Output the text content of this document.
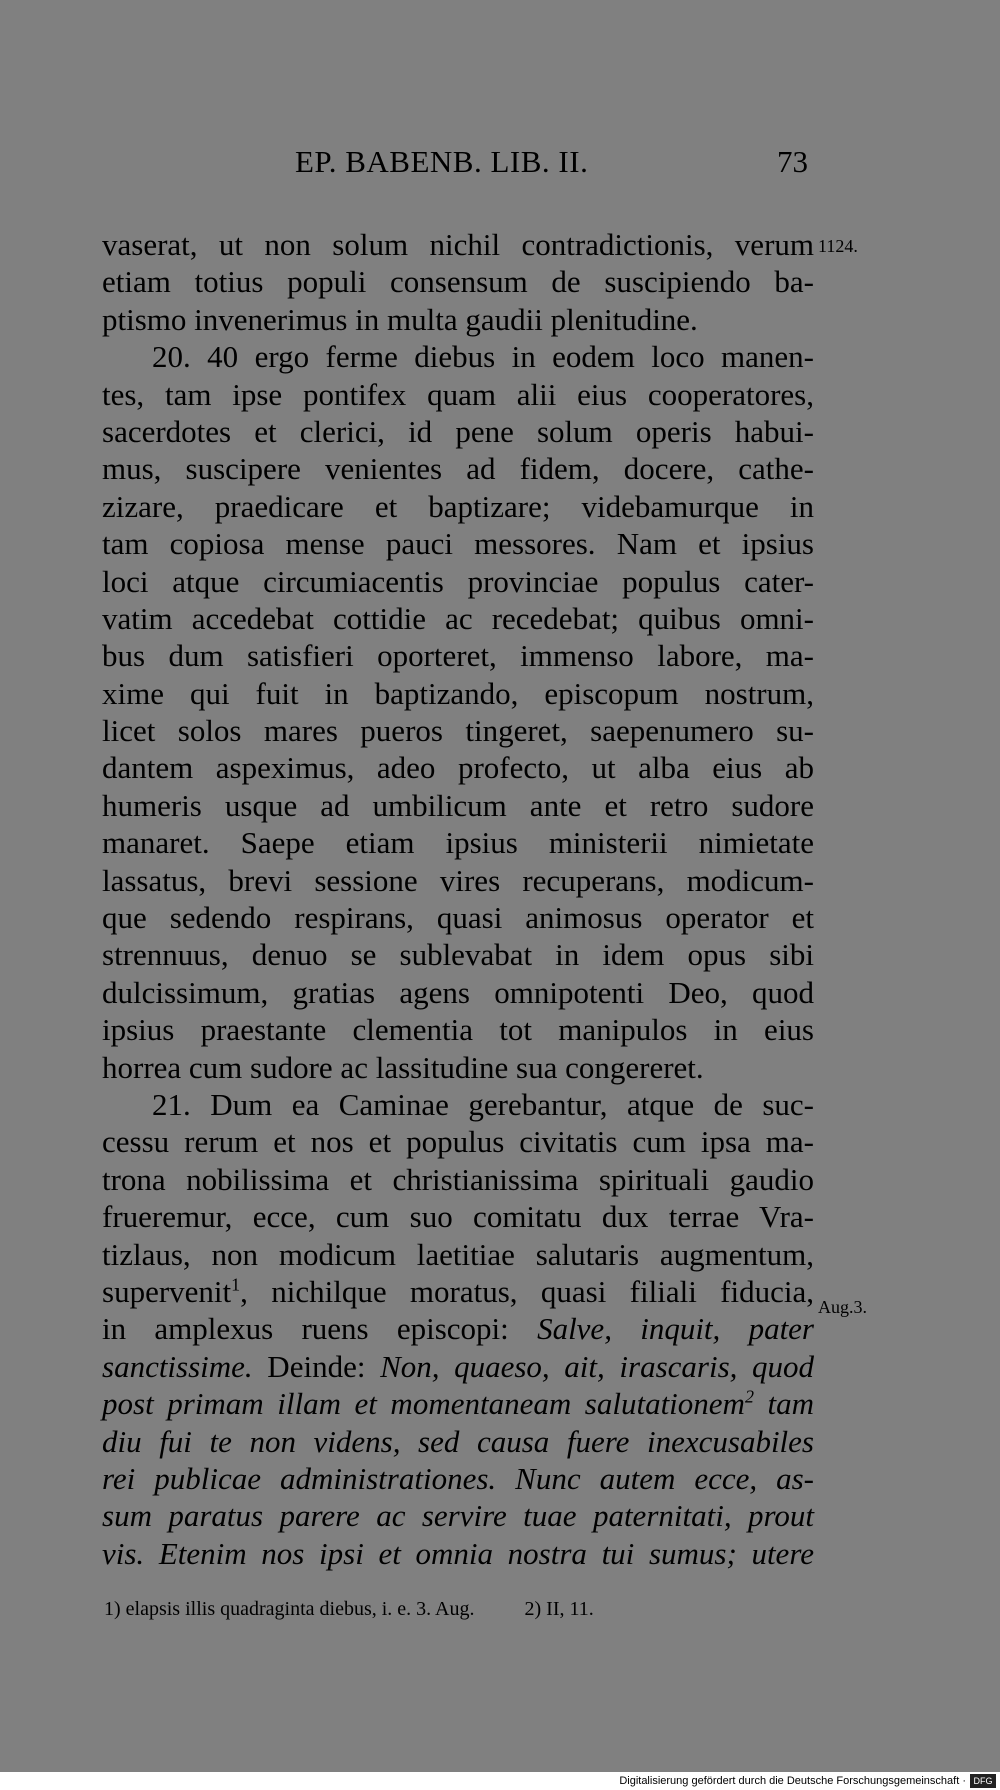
EP. BABENB. LIB. II.	73
1124.
Aug.3.
vaserat, ut non solum nichil contradictionis, verum
etiam totius populi consensum de suscipiendo ba-
ptismo invenerimus in multa gaudii plenitudine.
20. 40 ergo ferme diebus in eodem loco manen-
tes, tam ipse pontifex quam alii eius cooperatores,
sacerdotes et clerici, id pene solum operis habui-
mus, suscipere venientes ad fidem, docere, cathe-
zizare, praedicare et baptizare; videbamurque in
tam copiosa mense pauci messores. Nam et ipsius
loci atque circumiacentis provinciae populus cater-
vatim accedebat cottidie ac recedebat; quibus omni-
bus dum satisfieri oporteret, immenso labore, ma-
xime qui fuit in baptizando, episcopum nostrum,
licet solos mares pueros tingeret, saepenumero su-
dantem aspeximus, adeo profecto, ut alba eius ab
humeris usque ad umbilicum ante et retro sudore
manaret. Saepe etiam ipsius ministerii nimietate
lassatus, brevi sessione vires recuperans, modicum-
que sedendo respirans, quasi animosus operator et
strennuus, denuo se sublevabat in idem opus sibi
dulcissimum, gratias agens omnipotenti Deo, quod
ipsius praestante clementia tot manipulos in eius
horrea cum sudore ac lassitudine sua congereret.
21. Dum ea Caminae gerebantur, atque de suc-
cessu rerum et nos et populus civitatis cum ipsa ma-
trona nobilissima et christianissima spirituali gaudio
frueremur, ecce, cum suo comitatu dux terrae Vra-
tizlaus, non modicum laetitiae salutaris augmentum,
supervenit$^1$, nichilque moratus, quasi filiali fiducia,
in amplexus ruens episcopi: Salve, inquit, pater
sanctissime. Deinde: Non, quaeso, ait, irascaris, quod
post primam illam et momentaneam salutationem$^2$ tam
diu fui te non videns, sed causa fuere inexcusabiles
rei publicae administrationes. Nunc autem ecce, as-
sum paratus parere ac servire tuae paternitati, prout
vis. Etenim nos ipsi et omnia nostra tui sumus; utere
1) elapsis illis quadraginta diebus, i. e. 3. Aug.	2) II, 11.
Digitalisierung gefördert durch die Deutsche Forschungsgemeinschaft · DFG
